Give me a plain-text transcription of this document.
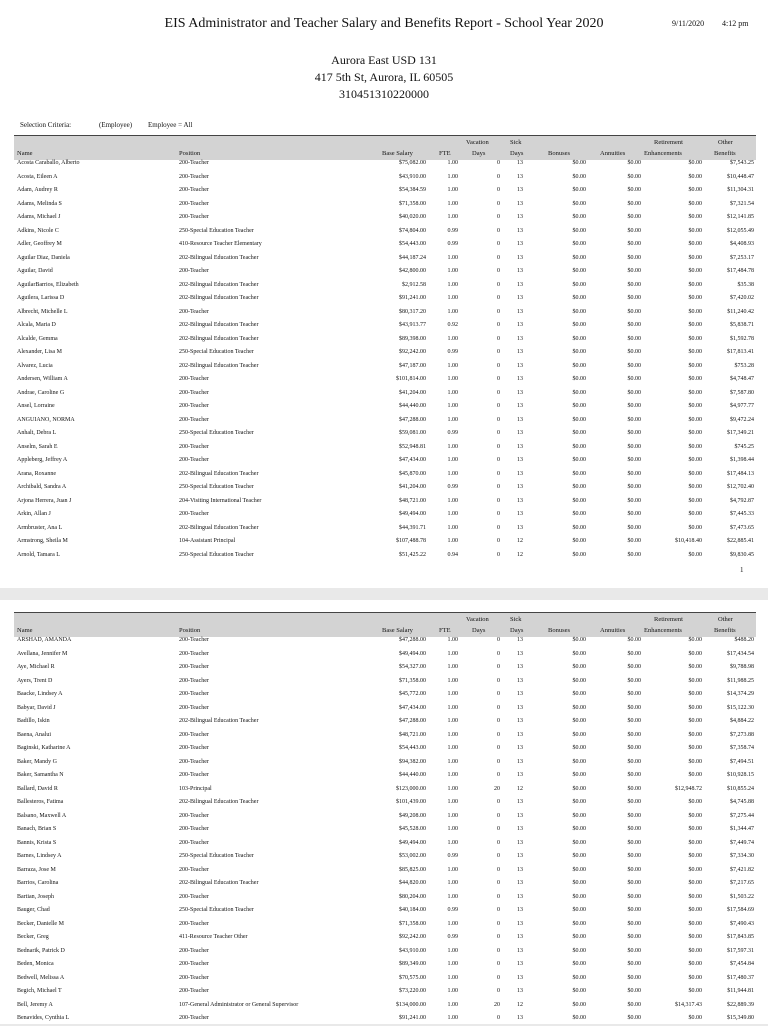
EIS Administrator and Teacher Salary and Benefits Report - School Year 2020	9/11/2020 4:12 pm
Aurora East USD 131
417 5th St, Aurora, IL 60505
310451310220000
Selection Criteria:	(Employee) Employee = All
Name	Position	Base Salary	FTE
Vacation
Days
Sick
Days	Bonuses	Annuities
Retirement
Enhancements
Other
Benefits
Acosta Caraballo, Alberto	200-Teacher	$75,082.00	1.00	0	13	$0.00	$0.00	$0.00	$7,543.25
Acosta, Eileen A	200-Teacher	$43,910.00	1.00	0	13	$0.00	$0.00	$0.00	$10,448.47
Adam, Audrey R	200-Teacher	$54,384.59	1.00	0	13	$0.00	$0.00	$0.00	$11,304.31
Adams, Melinda S	200-Teacher	$71,358.00	1.00	0	13	$0.00	$0.00	$0.00	$7,321.54
Adams, Michael J	200-Teacher	$40,020.00	1.00	0	13	$0.00	$0.00	$0.00	$12,141.85
Adkins, Nicole C	250-Special Education Teacher	$74,804.00	0.99	0	13	$0.00	$0.00	$0.00	$12,055.49
Adler, Geoffrey M	410-Resource Teacher Elementary	$54,443.00	0.99	0	13	$0.00	$0.00	$0.00	$4,408.93
Aguilar Diaz, Daniela	202-Bilingual Education Teacher	$44,187.24	1.00	0	13	$0.00	$0.00	$0.00	$7,253.17
Aguilar, David	200-Teacher	$42,800.00	1.00	0	13	$0.00	$0.00	$0.00	$17,484.78
AguilarBarrios, Elizabeth	202-Bilingual Education Teacher	$2,912.58	1.00	0	13	$0.00	$0.00	$0.00	$35.38
Aguilera, Larissa D	202-Bilingual Education Teacher	$91,241.00	1.00	0	13	$0.00	$0.00	$0.00	$7,420.02
Albrecht, Michelle L	200-Teacher	$80,317.20	1.00	0	13	$0.00	$0.00	$0.00	$11,240.42
Alcala, Maria D	202-Bilingual Education Teacher	$43,913.77	0.92	0	13	$0.00	$0.00	$0.00	$5,838.71
Alcalde, Gemma	202-Bilingual Education Teacher	$89,398.00	1.00	0	13	$0.00	$0.00	$0.00	$1,592.78
Alexander, Lisa M	250-Special Education Teacher	$92,242.00	0.99	0	13	$0.00	$0.00	$0.00	$17,813.41
Alvarez, Lucia	202-Bilingual Education Teacher	$47,187.00	1.00	0	13	$0.00	$0.00	$0.00	$753.28
Andersen, William A	200-Teacher	$101,814.00	1.00	0	13	$0.00	$0.00	$0.00	$4,748.47
Andrae, Caroline G	200-Teacher	$41,204.00	1.00	0	13	$0.00	$0.00	$0.00	$7,587.80
Ansel, Lorraine	200-Teacher	$44,440.00	1.00	0	13	$0.00	$0.00	$0.00	$4,977.77
ANGUIANO, NORMA	200-Teacher	$47,288.00	1.00	0	13	$0.00	$0.00	$0.00	$9,472.24
Anhalt, Debra L	250-Special Education Teacher	$59,081.00	0.99	0	13	$0.00	$0.00	$0.00	$17,349.21
Anselm, Sarah E	200-Teacher	$52,948.81	1.00	0	13	$0.00	$0.00	$0.00	$745.25
Appleberg, Jeffrey A	200-Teacher	$47,434.00	1.00	0	13	$0.00	$0.00	$0.00	$1,398.44
Arana, Roxanne	202-Bilingual Education Teacher	$45,870.00	1.00	0	13	$0.00	$0.00	$0.00	$17,484.13
Archibald, Sandra A	250-Special Education Teacher	$41,204.00	0.99	0	13	$0.00	$0.00	$0.00	$12,702.40
Arjona Herrera, Juan J	204-Visiting International Teacher	$48,721.00	1.00	0	13	$0.00	$0.00	$0.00	$4,792.87
Arkin, Allan J	200-Teacher	$49,494.00	1.00	0	13	$0.00	$0.00	$0.00	$7,445.33
Armbruster, Ana L	202-Bilingual Education Teacher	$44,391.71	1.00	0	13	$0.00	$0.00	$0.00	$7,473.65
Armstrong, Sheila M	104-Assistant Principal	$107,488.78	1.00	0	12	$0.00	$0.00	$10,418.40	$22,885.41
Arnold, Tamara L	250-Special Education Teacher	$51,425.22	0.94	0	12	$0.00	$0.00	$0.00	$9,830.45
1
Name	Position	Base Salary	FTE
Vacation
Days
Sick
Days	Bonuses	Annuities
Retirement
Enhancements
Other
Benefits
ARSHAD, AMANDA	200-Teacher	$47,288.00	1.00	0	13	$0.00	$0.00	$0.00	$488.20
Avellana, Jennifer M	200-Teacher	$49,494.00	1.00	0	13	$0.00	$0.00	$0.00	$17,434.54
Aye, Michael R	200-Teacher	$54,327.00	1.00	0	13	$0.00	$0.00	$0.00	$9,788.98
Ayers, Trent D	200-Teacher	$71,358.00	1.00	0	13	$0.00	$0.00	$0.00	$11,988.25
Baacke, Lindsey A	200-Teacher	$45,772.00	1.00	0	13	$0.00	$0.00	$0.00	$14,374.29
Babyar, David J	200-Teacher	$47,434.00	1.00	0	13	$0.00	$0.00	$0.00	$15,122.30
Badillo, Iskin	202-Bilingual Education Teacher	$47,288.00	1.00	0	13	$0.00	$0.00	$0.00	$4,884.22
Baena, Analui	200-Teacher	$48,721.00	1.00	0	13	$0.00	$0.00	$0.00	$7,273.88
Baginski, Katharine A	200-Teacher	$54,443.00	1.00	0	13	$0.00	$0.00	$0.00	$7,358.74
Baker, Mandy G	200-Teacher	$94,382.00	1.00	0	13	$0.00	$0.00	$0.00	$7,494.51
Baker, Samantha N	200-Teacher	$44,440.00	1.00	0	13	$0.00	$0.00	$0.00	$10,928.15
Ballard, David R	103-Principal	$123,000.00	1.00	20	12	$0.00	$0.00	$12,948.72	$10,855.24
Ballesteros, Fatima	202-Bilingual Education Teacher	$101,439.00	1.00	0	13	$0.00	$0.00	$0.00	$4,745.88
Balsano, Maxwell A	200-Teacher	$49,208.00	1.00	0	13	$0.00	$0.00	$0.00	$7,275.44
Banach, Brian S	200-Teacher	$45,528.00	1.00	0	13	$0.00	$0.00	$0.00	$1,344.47
Bannis, Krista S	200-Teacher	$49,494.00	1.00	0	13	$0.00	$0.00	$0.00	$7,449.74
Barnes, Lindsey A	250-Special Education Teacher	$53,002.00	0.99	0	13	$0.00	$0.00	$0.00	$7,334.30
Barraza, Jose M	200-Teacher	$85,825.00	1.00	0	13	$0.00	$0.00	$0.00	$7,421.82
Barrios, Carolina	202-Bilingual Education Teacher	$44,820.00	1.00	0	13	$0.00	$0.00	$0.00	$7,217.65
Bartian, Joseph	200-Teacher	$80,204.00	1.00	0	13	$0.00	$0.00	$0.00	$1,503.22
Bauger, Chad	250-Special Education Teacher	$40,184.00	0.99	0	13	$0.00	$0.00	$0.00	$17,584.69
Becker, Danielle M	200-Teacher	$71,358.00	1.00	0	13	$0.00	$0.00	$0.00	$7,490.43
Becker, Greg	411-Resource Teacher Other	$92,242.00	0.99	0	13	$0.00	$0.00	$0.00	$17,843.85
Bednarik, Patrick D	200-Teacher	$43,910.00	1.00	0	13	$0.00	$0.00	$0.00	$17,597.31
Beden, Monica	200-Teacher	$89,349.00	1.00	0	13	$0.00	$0.00	$0.00	$7,454.84
Bedwell, Melissa A	200-Teacher	$70,575.00	1.00	0	13	$0.00	$0.00	$0.00	$17,480.37
Begich, Michael T	200-Teacher	$73,220.00	1.00	0	13	$0.00	$0.00	$0.00	$11,944.81
Bell, Jeremy A	107-General Administrator or General Supervisor	$134,000.00	1.00	20	12	$0.00	$0.00	$14,317.43	$22,889.39
Benavides, Cynthia L	200-Teacher	$91,241.00	1.00	0	13	$0.00	$0.00	$0.00	$15,349.80
